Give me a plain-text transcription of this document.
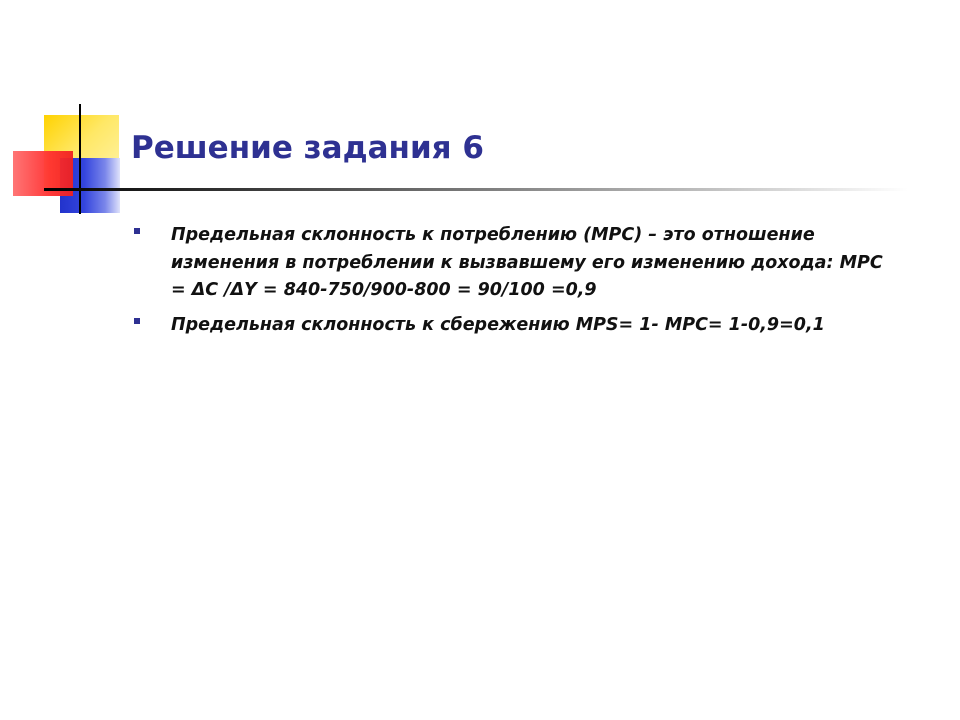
Решение задания 6
Предельная склонность к потреблению (МРС) – это отношение изменения в потреблении к вызвавшему его изменению дохода: МРС = ΔС /ΔY = 840-750/900-800 = 90/100 =0,9
Предельная склонность к сбережению MPS= 1- МРС= 1-0,9=0,1
